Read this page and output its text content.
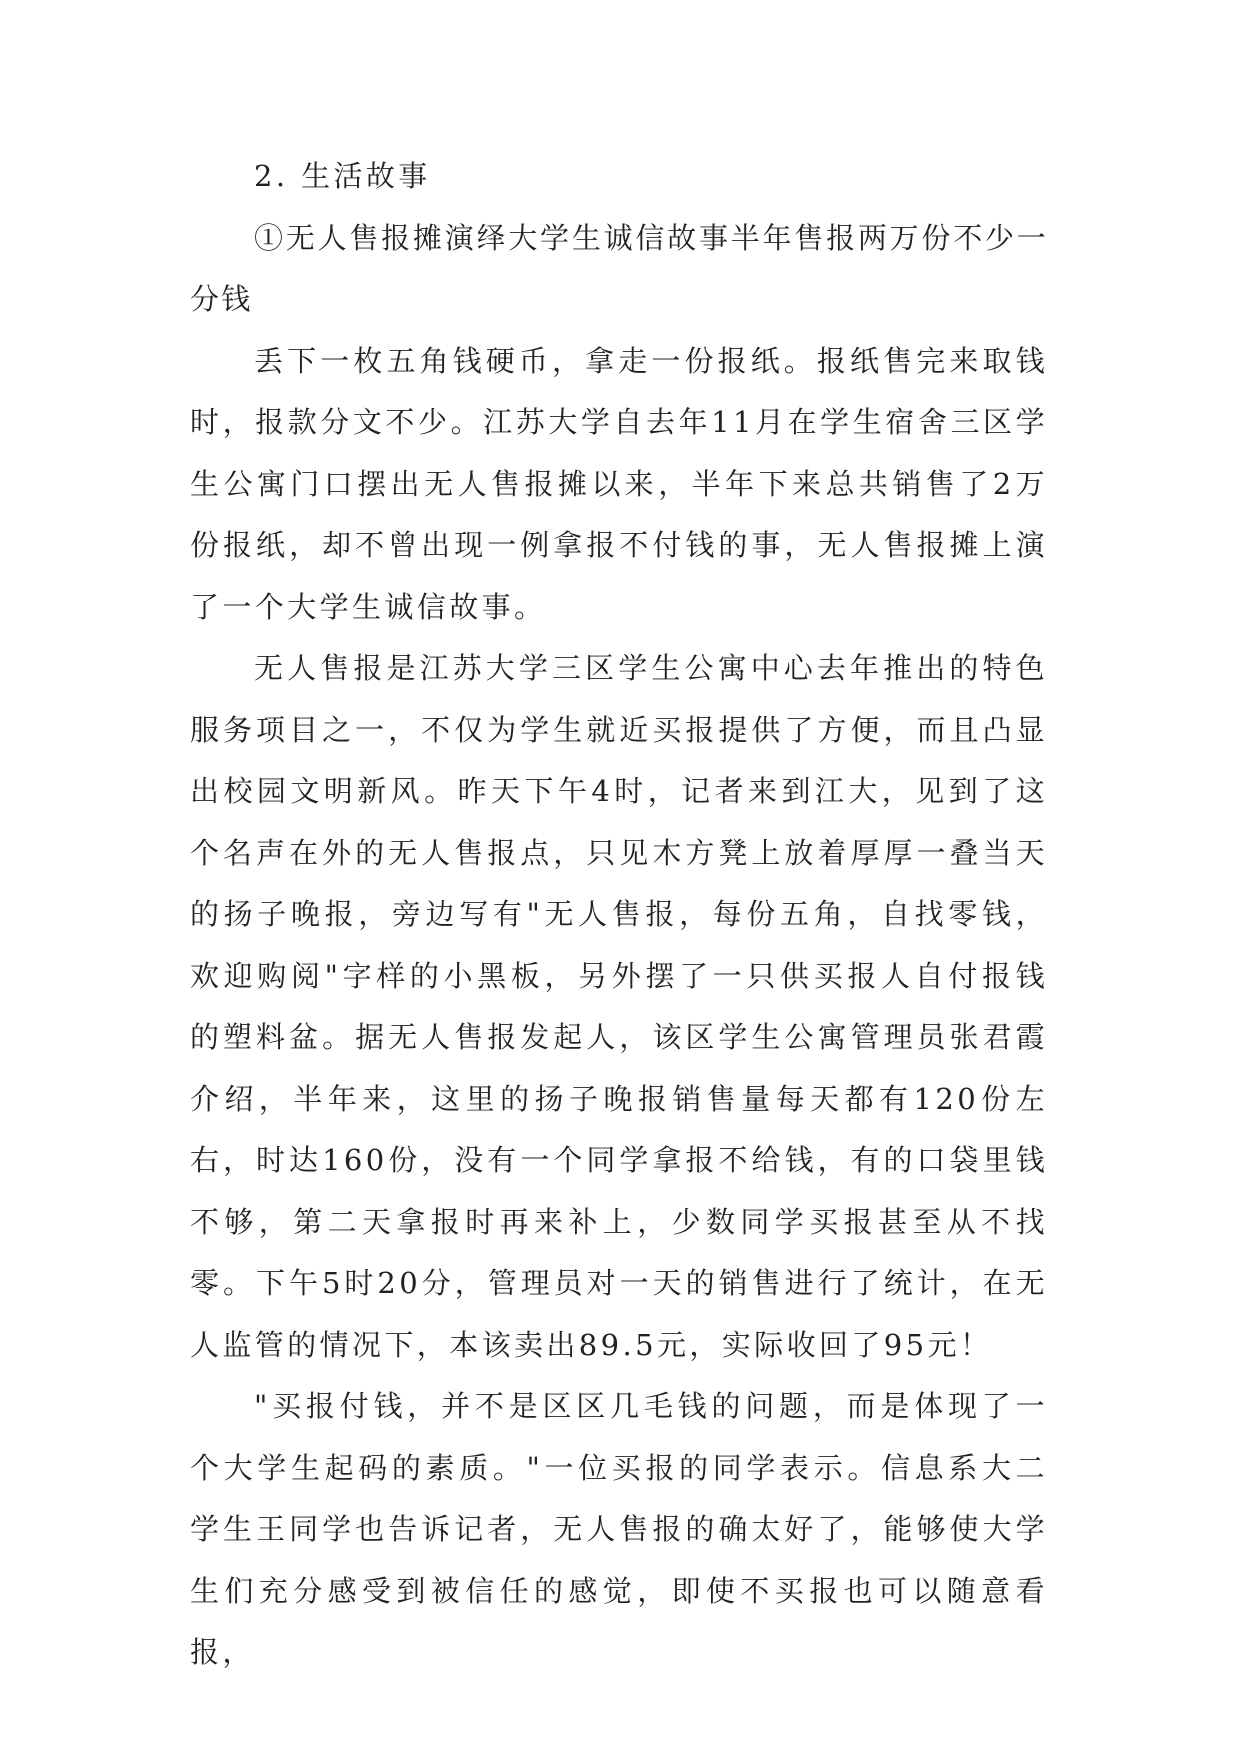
2. 生活故事

①无人售报摊演绎大学生诚信故事半年售报两万份不少一分钱

丢下一枚五角钱硬币，拿走一份报纸。报纸售完来取钱时，报款分文不少。江苏大学自去年11月在学生宿舍三区学生公寓门口摆出无人售报摊以来，半年下来总共销售了2万份报纸，却不曾出现一例拿报不付钱的事，无人售报摊上演了一个大学生诚信故事。

无人售报是江苏大学三区学生公寓中心去年推出的特色服务项目之一，不仅为学生就近买报提供了方便，而且凸显出校园文明新风。昨天下午4时，记者来到江大，见到了这个名声在外的无人售报点，只见木方凳上放着厚厚一叠当天的扬子晚报，旁边写有"无人售报，每份五角，自找零钱，欢迎购阅"字样的小黑板，另外摆了一只供买报人自付报钱的塑料盆。据无人售报发起人，该区学生公寓管理员张君霞介绍，半年来，这里的扬子晚报销售量每天都有120份左右，时达160份，没有一个同学拿报不给钱，有的口袋里钱不够，第二天拿报时再来补上，少数同学买报甚至从不找零。下午5时20分，管理员对一天的销售进行了统计，在无人监管的情况下，本该卖出89.5元，实际收回了95元！

"买报付钱，并不是区区几毛钱的问题，而是体现了一个大学生起码的素质。"一位买报的同学表示。信息系大二学生王同学也告诉记者，无人售报的确太好了，能够使大学生们充分感受到被信任的感觉，即使不买报也可以随意看报，
